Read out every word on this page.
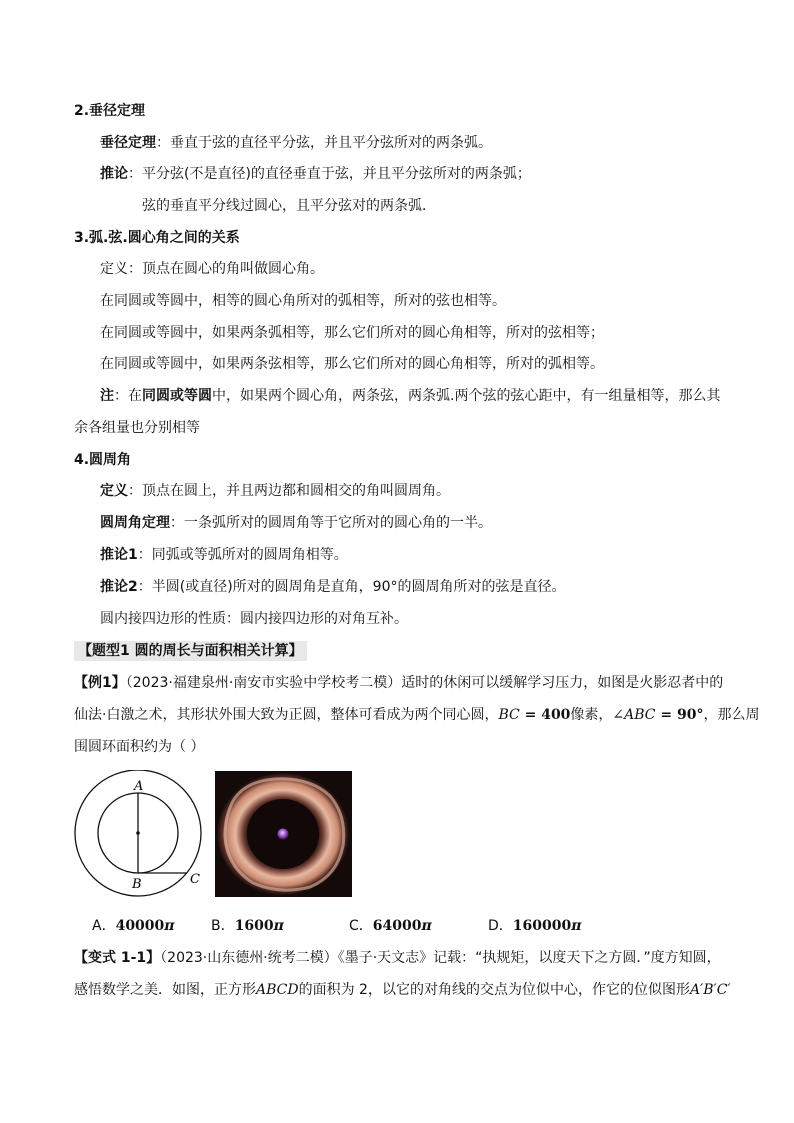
2.垂径定理
垂径定理：垂直于弦的直径平分弦，并且平分弦所对的两条弧。
推论：平分弦(不是直径)的直径垂直于弦，并且平分弦所对的两条弧；
弦的垂直平分线过圆心，且平分弦对的两条弧．
3.弧.弦.圆心角之间的关系
定义：顶点在圆心的角叫做圆心角。
在同圆或等圆中，相等的圆心角所对的弧相等，所对的弦也相等。
在同圆或等圆中，如果两条弧相等，那么它们所对的圆心角相等，所对的弦相等；
在同圆或等圆中，如果两条弦相等，那么它们所对的圆心角相等，所对的弧相等。
注：在同圆或等圆中，如果两个圆心角，两条弦，两条弧.两个弦的弦心距中，有一组量相等，那么其
余各组量也分别相等
4.圆周角
定义：顶点在圆上，并且两边都和圆相交的角叫圆周角。
圆周角定理：一条弧所对的圆周角等于它所对的圆心角的一半。
推论1：同弧或等弧所对的圆周角相等。
推论2：半圆(或直径)所对的圆周角是直角，90°的圆周角所对的弦是直径。
圆内接四边形的性质：圆内接四边形的对角互补。
【题型1 圆的周长与面积相关计算】
【例1】（2023·福建泉州·南安市实验中学校考二模）适时的休闲可以缓解学习压力，如图是火影忍者中的
仙法·白激之术，其形状外围大致为正圆，整体可看成为两个同心圆，BC = 400像素，∠ABC = 90°，那么周
围圆环面积约为（ ）
A
B	C
A．40000π	B．1600π	C．64000π	D．160000π
【变式 1-1】（2023·山东德州·统考二模）《墨子·天文志》记载：“执规矩，以度天下之方圆．”度方知圆，
感悟数学之美．如图，正方形ABCD的面积为 2，以它的对角线的交点为位似中心，作它的位似图形A′B′C′
